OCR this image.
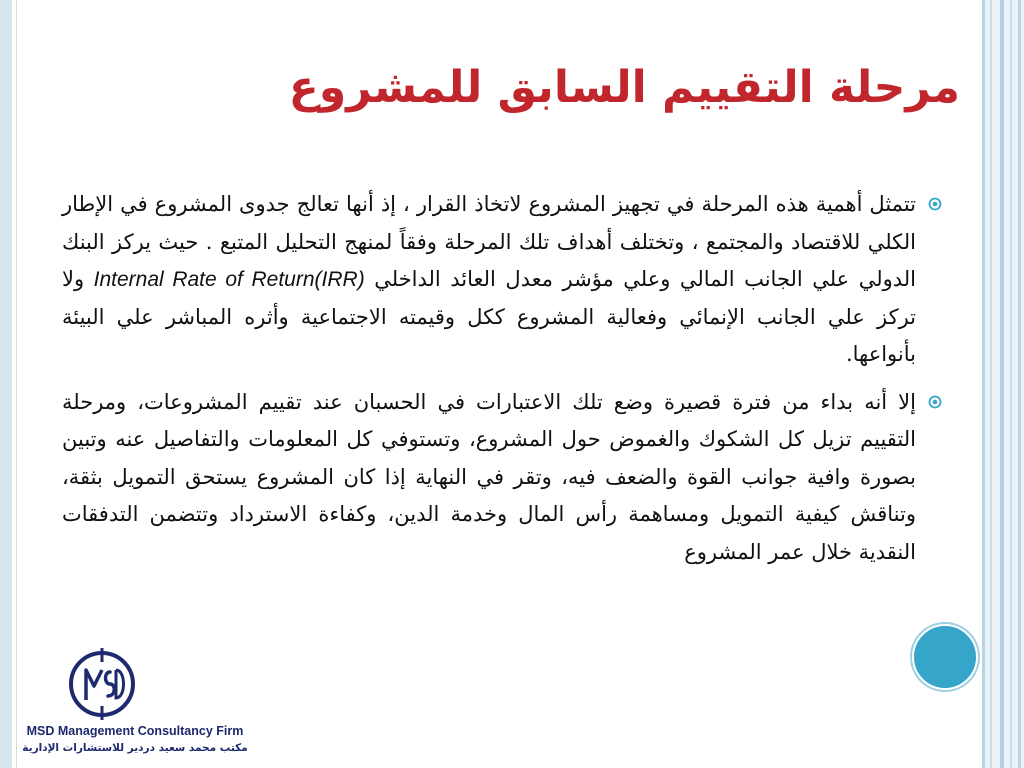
مرحلة التقييم السابق للمشروع
تتمثل أهمية هذه المرحلة في تجهيز المشروع لاتخاذ القرار ، إذ أنها تعالج جدوى المشروع في الإطار الكلي للاقتصاد والمجتمع ، وتختلف أهداف تلك المرحلة وفقاً لمنهج التحليل المتبع . حيث يركز البنك الدولي علي الجانب المالي وعلي مؤشر معدل العائد الداخلي Internal Rate of Return(IRR) ولا تركز علي الجانب الإنمائي وفعالية المشروع ككل وقيمته الاجتماعية وأثره المباشر علي البيئة بأنواعها.
إلا أنه بداء من فترة قصيرة وضع تلك الاعتبارات في الحسبان عند تقييم المشروعات، ومرحلة التقييم تزيل كل الشكوك والغموض حول المشروع، وتستوفي كل المعلومات والتفاصيل عنه وتبين بصورة وافية جوانب القوة والضعف فيه، وتقر في النهاية إذا كان المشروع يستحق التمويل بثقة، وتناقش كيفية التمويل ومساهمة رأس المال وخدمة الدين، وكفاءة الاسترداد وتتضمن التدفقات النقدية خلال عمر المشروع
MSD Management Consultancy Firm
مكتب محمد سعيد دردير للاستشارات الإدارية
